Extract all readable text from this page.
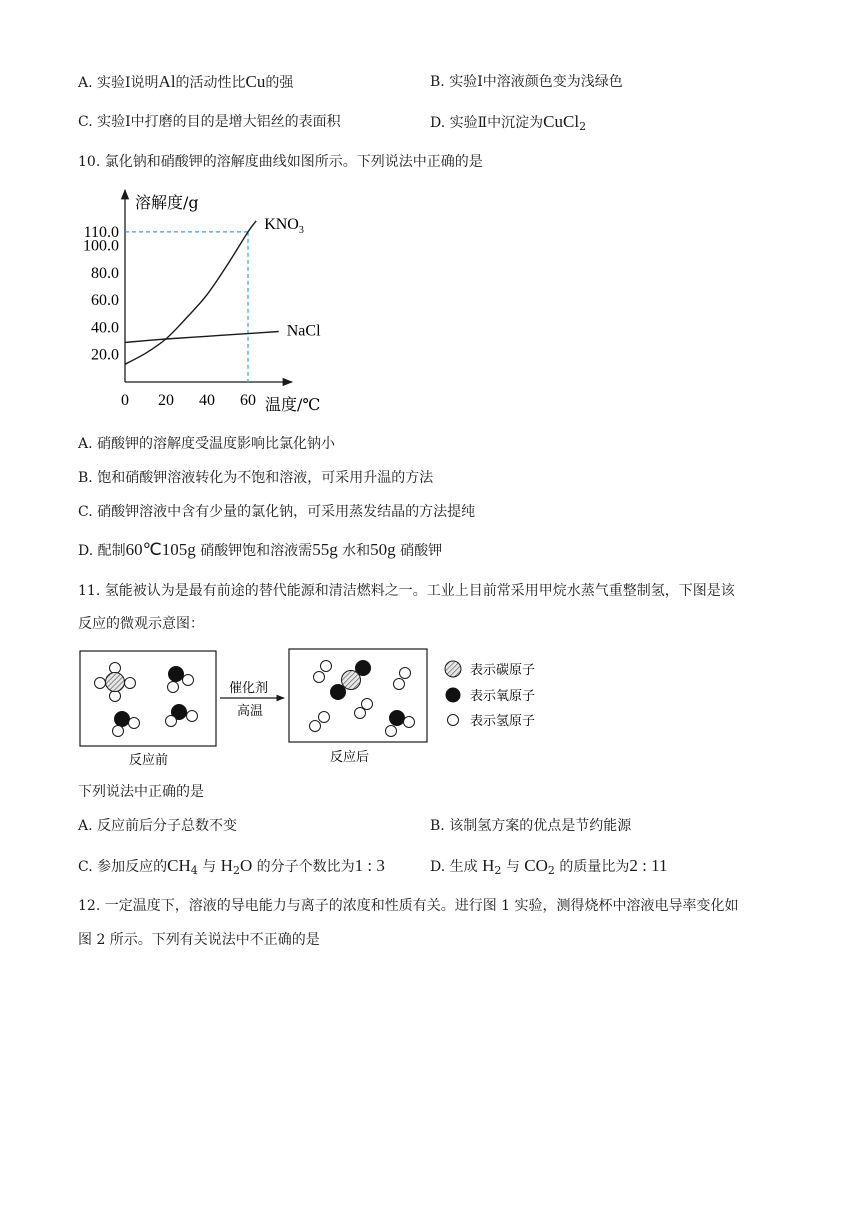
A. 实验Ⅰ说明Al的活动性比Cu的强	B. 实验Ⅰ中溶液颜色变为浅绿色
C. 实验Ⅰ中打磨的目的是增大铝丝的表面积	D. 实验Ⅱ中沉淀为CuCl$_2$
10. 氯化钠和硝酸钾的溶解度曲线如图所示。下列说法中正确的是
溶解度/g
温度/℃
20.0
40.0
60.0
80.0
100.0
110.0
0 20 40 60
$KNO_3$
NaCl
A. 硝酸钾的溶解度受温度影响比氯化钠小
B. 饱和硝酸钾溶液转化为不饱和溶液，可采用升温的方法
C. 硝酸钾溶液中含有少量的氯化钠，可采用蒸发结晶的方法提纯
D. 配制60℃105g 硝酸钾饱和溶液需55g 水和50g 硝酸钾
11. 氢能被认为是最有前途的替代能源和清洁燃料之一。工业上目前常采用甲烷水蒸气重整制氢，下图是该
反应的微观示意图：
反应前
催化剂
高温
反应后
表示碳原子
表示氧原子
表示氢原子
下列说法中正确的是
A. 反应前后分子总数不变	B. 该制氢方案的优点是节约能源
C. 参加反应的$CH_4$ 与 $H_2O$ 的分子个数比为1 : 3	D. 生成 $H_2$ 与 $CO_2$ 的质量比为2 : 11
12. 一定温度下，溶液的导电能力与离子的浓度和性质有关。进行图 1 实验，测得烧杯中溶液电导率变化如
图 2 所示。下列有关说法中不正确的是
